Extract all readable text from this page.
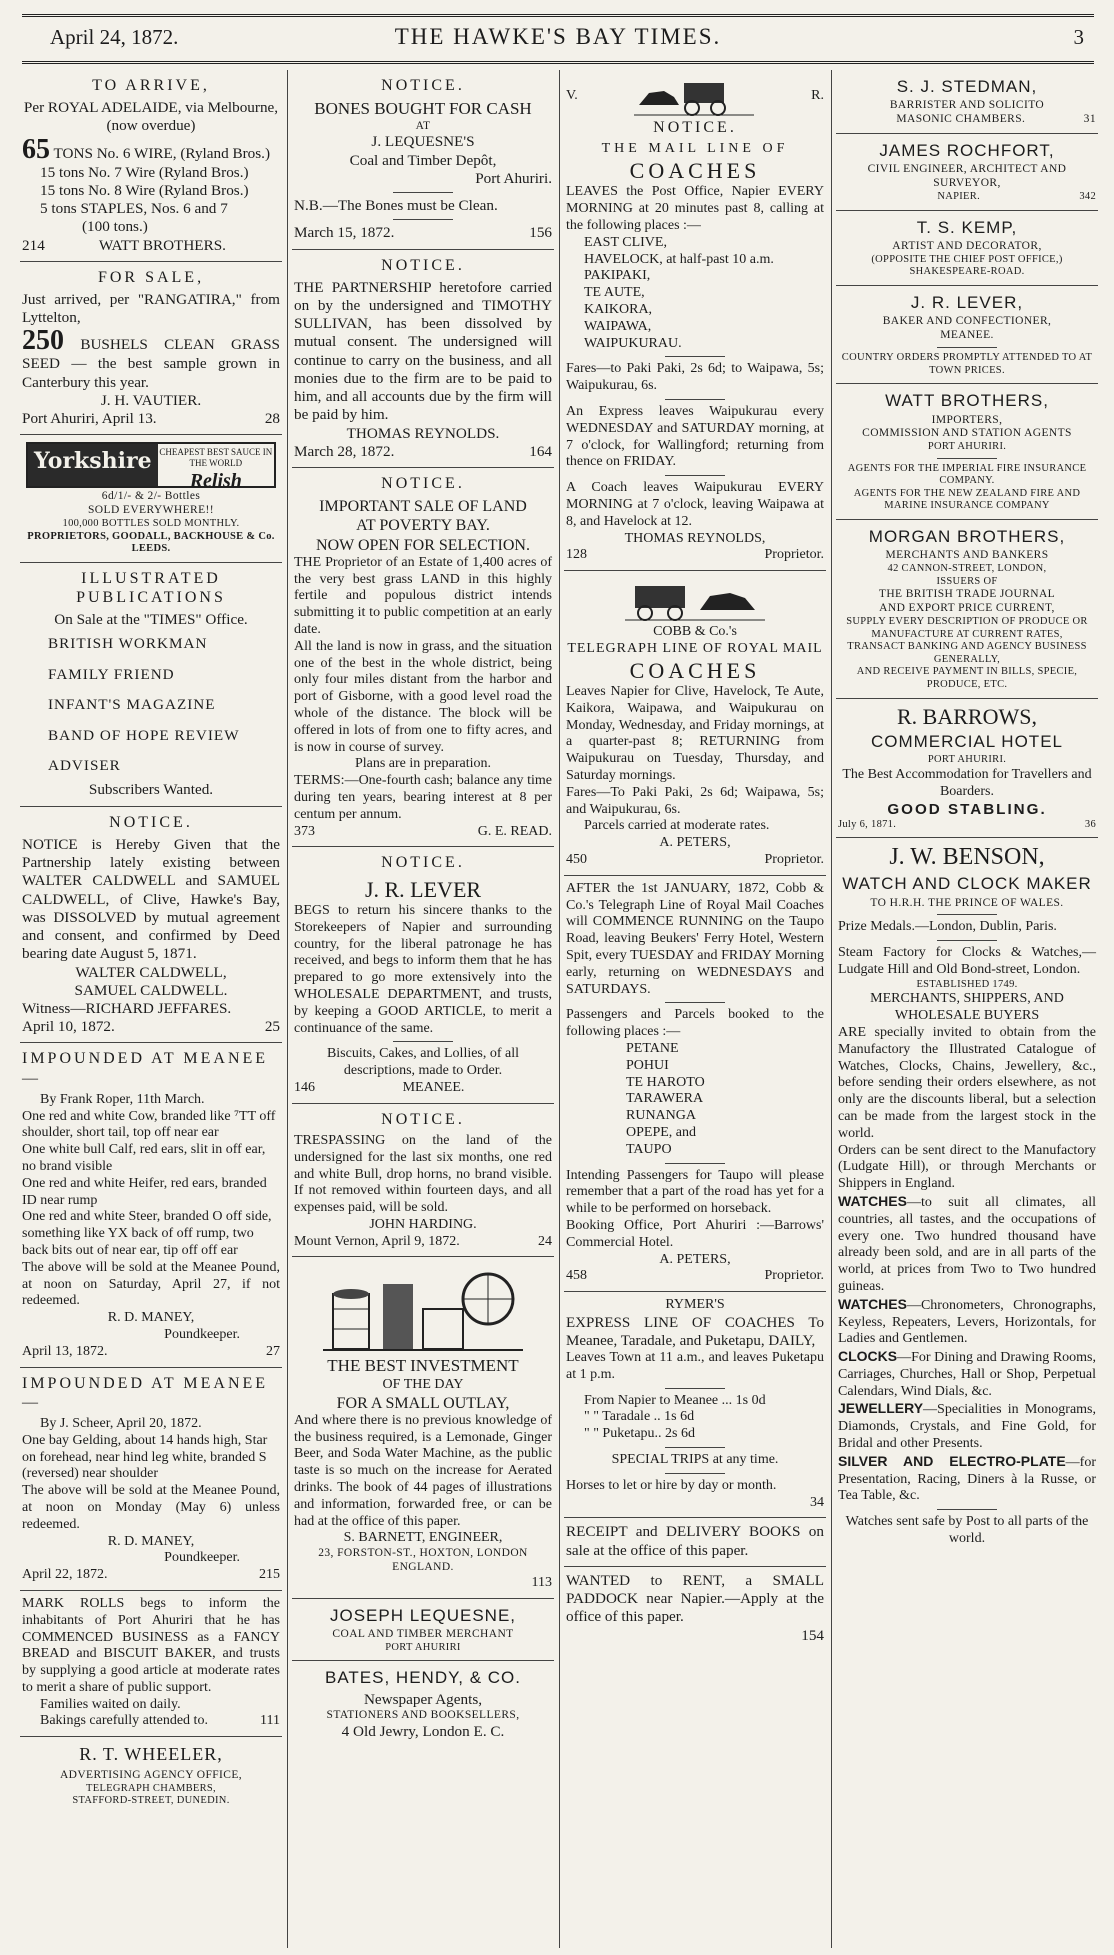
April 24, 1872.	THE HAWKE'S BAY TIMES.	3
TO ARRIVE,
Per ROYAL ADELAIDE, via Melbourne,
(now overdue)
65 TONS No. 6 WIRE, (Ryland Bros.)
15 tons No. 7 Wire (Ryland Bros.)
15 tons No. 8 Wire (Ryland Bros.)
5 tons STAPLES, Nos. 6 and 7
(100 tons.)
214	WATT BROTHERS.
FOR SALE,
Just arrived, per "RANGATIRA," from Lyttelton,
250 BUSHELS CLEAN GRASS SEED — the best sample grown in Canterbury this year.
J. H. VAUTIER.
Port Ahuriri, April 13.	28
Yorkshire CHEAPEST BEST SAUCE IN THE WORLD
Relish
6d/1/- & 2/- Bottles
SOLD EVERYWHERE!!
100,000 BOTTLES SOLD MONTHLY.
PROPRIETORS, GOODALL, BACKHOUSE & Co. LEEDS.
ILLUSTRATED PUBLICATIONS
On Sale at the "TIMES" Office.
BRITISH WORKMAN
FAMILY FRIEND
INFANT'S MAGAZINE
BAND OF HOPE REVIEW
ADVISER
Subscribers Wanted.
NOTICE.
NOTICE is Hereby Given that the Partnership lately existing between WALTER CALDWELL and SAMUEL CALDWELL, of Clive, Hawke's Bay, was DISSOLVED by mutual agreement and consent, and confirmed by Deed bearing date August 5, 1871.
WALTER CALDWELL,
SAMUEL CALDWELL.
Witness—RICHARD JEFFARES.
April 10, 1872.	25
IMPOUNDED AT MEANEE—
By Frank Roper, 11th March.
One red and white Cow, branded like ⁷TT off shoulder, short tail, top off near ear
One white bull Calf, red ears, slit in off ear, no brand visible
One red and white Heifer, red ears, branded ID near rump
One red and white Steer, branded O off side, something like YX back of off rump, two back bits out of near ear, tip off off ear
The above will be sold at the Meanee Pound, at noon on Saturday, April 27, if not redeemed.
R. D. MANEY,
Poundkeeper.
April 13, 1872.	27
IMPOUNDED AT MEANEE—
By J. Scheer, April 20, 1872.
One bay Gelding, about 14 hands high, Star on forehead, near hind leg white, branded S (reversed) near shoulder
The above will be sold at the Meanee Pound, at noon on Monday (May 6) unless redeemed.
R. D. MANEY,
Poundkeeper.
April 22, 1872.	215
MARK ROLLS begs to inform the inhabitants of Port Ahuriri that he has COMMENCED BUSINESS as a FANCY BREAD and BISCUIT BAKER, and trusts by supplying a good article at moderate rates to merit a share of public support.
Families waited on daily.
Bakings carefully attended to.	111
R. T. WHEELER,
ADVERTISING AGENCY OFFICE,
TELEGRAPH CHAMBERS,
STAFFORD-STREET, DUNEDIN.
NOTICE.
BONES BOUGHT FOR CASH
AT
J. LEQUESNE'S
Coal and Timber Depôt,
Port Ahuriri.
N.B.—The Bones must be Clean.
March 15, 1872.	156
NOTICE.
THE PARTNERSHIP heretofore carried on by the undersigned and TIMOTHY SULLIVAN, has been dissolved by mutual consent. The undersigned will continue to carry on the business, and all monies due to the firm are to be paid to him, and all accounts due by the firm will be paid by him.
THOMAS REYNOLDS.
March 28, 1872.	164
NOTICE.
IMPORTANT SALE OF LAND
AT POVERTY BAY.
NOW OPEN FOR SELECTION.
THE Proprietor of an Estate of 1,400 acres of the very best grass LAND in this highly fertile and populous district intends submitting it to public competition at an early date.
All the land is now in grass, and the situation one of the best in the whole district, being only four miles distant from the harbor and port of Gisborne, with a good level road the whole of the distance. The block will be offered in lots of from one to fifty acres, and is now in course of survey.
Plans are in preparation.
TERMS:—One-fourth cash; balance any time during ten years, bearing interest at 8 per centum per annum.
373	G. E. READ.
NOTICE.
J. R. LEVER
BEGS to return his sincere thanks to the Storekeepers of Napier and surrounding country, for the liberal patronage he has received, and begs to inform them that he has prepared to go more extensively into the WHOLESALE DEPARTMENT, and trusts, by keeping a GOOD ARTICLE, to merit a continuance of the same.
Biscuits, Cakes, and Lollies, of all descriptions, made to Order.
146	MEANEE.
NOTICE.
TRESPASSING on the land of the undersigned for the last six months, one red and white Bull, drop horns, no brand visible. If not removed within fourteen days, and all expenses paid, will be sold.
JOHN HARDING.
Mount Vernon, April 9, 1872.	24
THE BEST INVESTMENT
OF THE DAY
FOR A SMALL OUTLAY,
And where there is no previous knowledge of the business required, is a Lemonade, Ginger Beer, and Soda Water Machine, as the public taste is so much on the increase for Aerated drinks. The book of 44 pages of illustrations and information, forwarded free, or can be had at the office of this paper.
S. BARNETT, ENGINEER,
23, FORSTON-ST., HOXTON, LONDON ENGLAND.
113
JOSEPH LEQUESNE,
COAL AND TIMBER MERCHANT
PORT AHURIRI
BATES, HENDY, & CO.
Newspaper Agents,
STATIONERS AND BOOKSELLERS,
4 Old Jewry, London E. C.
V.	R.
NOTICE.
THE MAIL LINE OF
COACHES
LEAVES the Post Office, Napier EVERY MORNING at 20 minutes past 8, calling at the following places :—
EAST CLIVE,
HAVELOCK, at half-past 10 a.m.
PAKIPAKI,
TE AUTE,
KAIKORA,
WAIPAWA,
WAIPUKURAU.
Fares—to Paki Paki, 2s 6d; to Waipawa, 5s; Waipukurau, 6s.
An Express leaves Waipukurau every WEDNESDAY and SATURDAY morning, at 7 o'clock, for Wallingford; returning from thence on FRIDAY.
A Coach leaves Waipukurau EVERY MORNING at 7 o'clock, leaving Waipawa at 8, and Havelock at 12.
THOMAS REYNOLDS,
128	Proprietor.
COBB & Co.'s
TELEGRAPH LINE OF ROYAL MAIL
COACHES
Leaves Napier for Clive, Havelock, Te Aute, Kaikora, Waipawa, and Waipukurau on Monday, Wednesday, and Friday mornings, at a quarter-past 8; RETURNING from Waipukurau on Tuesday, Thursday, and Saturday mornings.
Fares—To Paki Paki, 2s 6d; Waipawa, 5s; and Waipukurau, 6s.
Parcels carried at moderate rates.
A. PETERS,
450	Proprietor.
AFTER the 1st JANUARY, 1872, Cobb & Co.'s Telegraph Line of Royal Mail Coaches will COMMENCE RUNNING on the Taupo Road, leaving Beukers' Ferry Hotel, Western Spit, every TUESDAY and FRIDAY Morning early, returning on WEDNESDAYS and SATURDAYS.
Passengers and Parcels booked to the following places :—
PETANE
POHUI
TE HAROTO
TARAWERA
RUNANGA
OPEPE, and
TAUPO
Intending Passengers for Taupo will please remember that a part of the road has yet for a while to be performed on horseback.
Booking Office, Port Ahuriri :—Barrows' Commercial Hotel.
A. PETERS,
458	Proprietor.
RYMER'S
EXPRESS LINE OF COACHES To Meanee, Taradale, and Puketapu, DAILY,
Leaves Town at 11 a.m., and leaves Puketapu at 1 p.m.
From Napier to Meanee ... 1s 0d
" " Taradale .. 1s 6d
" " Puketapu.. 2s 6d
SPECIAL TRIPS at any time.
Horses to let or hire by day or month.
34
RECEIPT and DELIVERY BOOKS on sale at the office of this paper.
WANTED to RENT, a SMALL PADDOCK near Napier.—Apply at the office of this paper.
154
S. J. STEDMAN,
BARRISTER AND SOLICITO
MASONIC CHAMBERS.	31
JAMES ROCHFORT,
CIVIL ENGINEER, ARCHITECT AND
SURVEYOR,
NAPIER.	342
T. S. KEMP,
ARTIST AND DECORATOR,
(OPPOSITE THE CHIEF POST OFFICE,)
SHAKESPEARE-ROAD.
J. R. LEVER,
BAKER AND CONFECTIONER,
MEANEE.
COUNTRY ORDERS PROMPTLY ATTENDED TO AT TOWN PRICES.
WATT BROTHERS,
IMPORTERS,
COMMISSION AND STATION AGENTS
PORT AHURIRI.
AGENTS FOR THE IMPERIAL FIRE INSURANCE COMPANY.
AGENTS FOR THE NEW ZEALAND FIRE AND MARINE INSURANCE COMPANY
MORGAN BROTHERS,
MERCHANTS AND BANKERS
42 CANNON-STREET, LONDON,
ISSUERS OF
THE BRITISH TRADE JOURNAL
AND EXPORT PRICE CURRENT,
SUPPLY EVERY DESCRIPTION OF PRODUCE OR MANUFACTURE AT CURRENT RATES,
TRANSACT BANKING AND AGENCY BUSINESS GENERALLY,
AND RECEIVE PAYMENT IN BILLS, SPECIE, PRODUCE, ETC.
R. BARROWS,
COMMERCIAL HOTEL
PORT AHURIRI.
The Best Accommodation for Travellers and Boarders.
GOOD STABLING.
July 6, 1871.	36
J. W. BENSON,
WATCH AND CLOCK MAKER
TO H.R.H. THE PRINCE OF WALES.
Prize Medals.—London, Dublin, Paris.
Steam Factory for Clocks & Watches,—Ludgate Hill and Old Bond-street, London.
ESTABLISHED 1749.
MERCHANTS, SHIPPERS, AND
WHOLESALE BUYERS
ARE specially invited to obtain from the Manufactory the Illustrated Catalogue of Watches, Clocks, Chains, Jewellery, &c., before sending their orders elsewhere, as not only are the discounts liberal, but a selection can be made from the largest stock in the world.
Orders can be sent direct to the Manufactory (Ludgate Hill), or through Merchants or Shippers in England.
WATCHES—to suit all climates, all countries, all tastes, and the occupations of every one. Two hundred thousand have already been sold, and are in all parts of the world, at prices from Two to Two hundred guineas.
WATCHES—Chronometers, Chronographs, Keyless, Repeaters, Levers, Horizontals, for Ladies and Gentlemen.
CLOCKS—For Dining and Drawing Rooms, Carriages, Churches, Hall or Shop, Perpetual Calendars, Wind Dials, &c.
JEWELLERY—Specialities in Monograms, Diamonds, Crystals, and Fine Gold, for Bridal and other Presents.
SILVER AND ELECTRO-PLATE—for Presentation, Racing, Diners à la Russe, or Tea Table, &c.
Watches sent safe by Post to all parts of the world.
